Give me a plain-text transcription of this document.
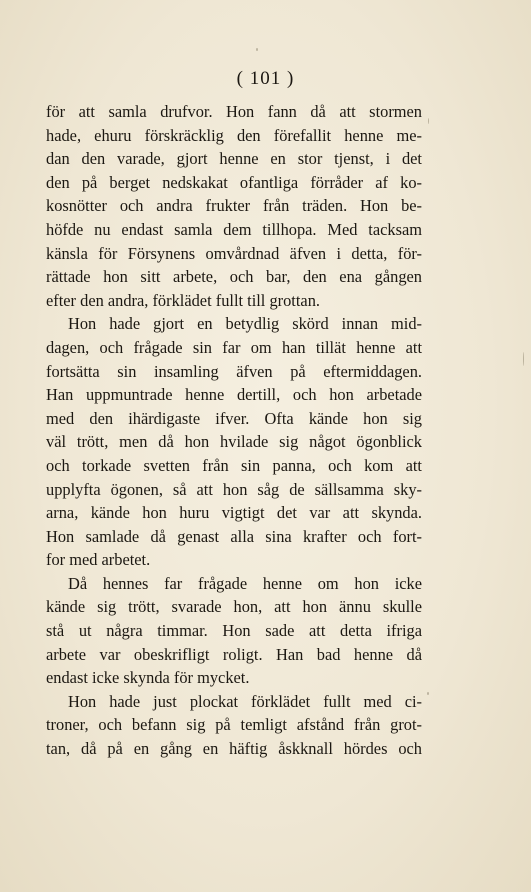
( 101 )
för att samla drufvor. Hon fann då att stormen
hade, ehuru förskräcklig den förefallit henne me-
dan den varade, gjort henne en stor tjenst, i det
den på berget nedskakat ofantliga förråder af ko-
kosnötter och andra frukter från träden. Hon be-
höfde nu endast samla dem tillhopa. Med tacksam
känsla för Försynens omvårdnad äfven i detta, för-
rättade hon sitt arbete, och bar, den ena gången
efter den andra, förklädet fullt till grottan.
Hon hade gjort en betydlig skörd innan mid-
dagen, och frågade sin far om han tillät henne att
fortsätta sin insamling äfven på eftermiddagen.
Han uppmuntrade henne dertill, och hon arbetade
med den ihärdigaste ifver. Ofta kände hon sig
väl trött, men då hon hvilade sig något ögonblick
och torkade svetten från sin panna, och kom att
upplyfta ögonen, så att hon såg de sällsamma sky-
arna, kände hon huru vigtigt det var att skynda.
Hon samlade då genast alla sina krafter och fort-
for med arbetet.
Då hennes far frågade henne om hon icke
kände sig trött, svarade hon, att hon ännu skulle
stå ut några timmar. Hon sade att detta ifriga
arbete var obeskrifligt roligt. Han bad henne då
endast icke skynda för mycket.
Hon hade just plockat förklädet fullt med ci-
troner, och befann sig på temligt afstånd från grot-
tan, då på en gång en häftig åskknall hördes och
